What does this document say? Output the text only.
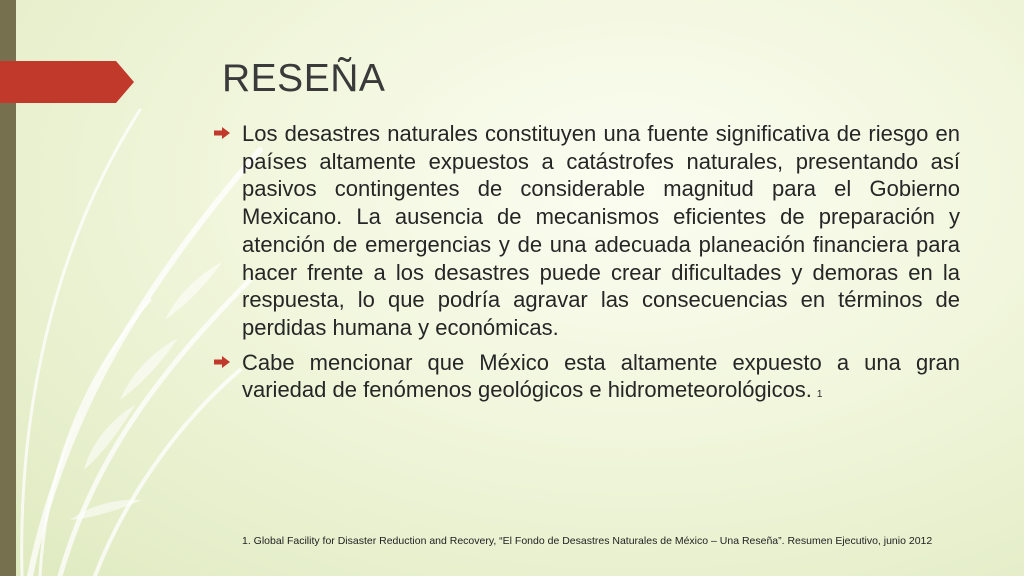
RESEÑA
Los desastres naturales constituyen una fuente significativa de riesgo en países altamente expuestos a catástrofes naturales, presentando así pasivos contingentes de considerable magnitud para el Gobierno Mexicano. La ausencia de mecanismos eficientes de preparación y atención de emergencias y de una adecuada planeación financiera para hacer frente a los desastres puede crear dificultades y demoras en la respuesta, lo que podría agravar las consecuencias en términos de perdidas humana y económicas.
Cabe mencionar que México esta altamente expuesto a una gran variedad de fenómenos geológicos e hidrometeorológicos. 1
1. Global Facility for Disaster Reduction and Recovery, “El Fondo de Desastres Naturales de México – Una Reseña”. Resumen Ejecutivo, junio 2012
